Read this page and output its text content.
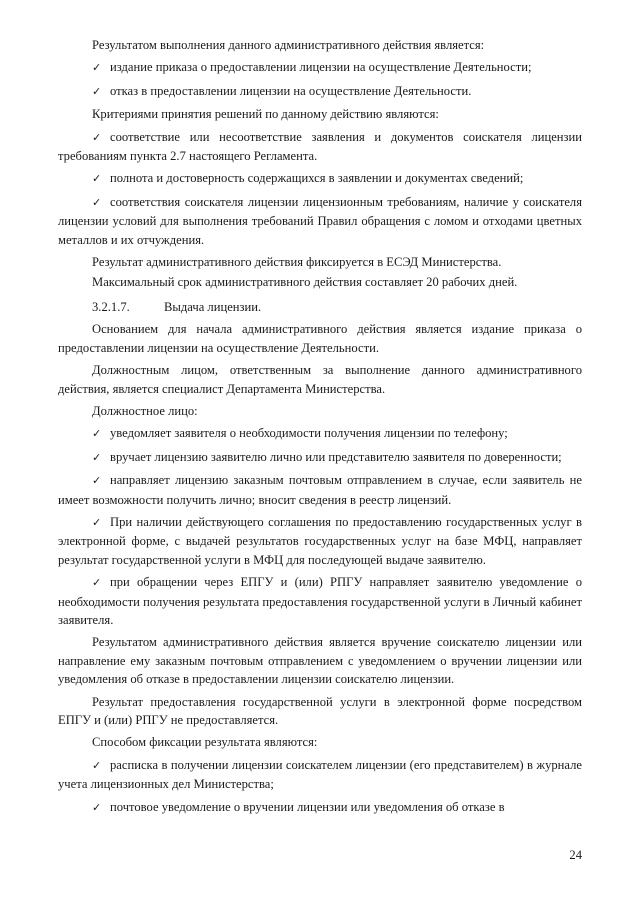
Результатом выполнения данного административного действия является:

✓ издание приказа о предоставлении лицензии на осуществление Деятельности;

✓ отказ в предоставлении лицензии на осуществление Деятельности.

Критериями принятия решений по данному действию являются:

✓ соответствие или несоответствие заявления и документов соискателя лицензии требованиям пункта 2.7 настоящего Регламента.

✓ полнота и достоверность содержащихся в заявлении и документах сведений;

✓ соответствия соискателя лицензии лицензионным требованиям, наличие у соискателя лицензии условий для выполнения требований Правил обращения с ломом и отходами цветных металлов и их отчуждения.

Результат административного действия фиксируется в ЕСЭД Министерства.

Максимальный срок административного действия составляет 20 рабочих дней.

3.2.1.7.	Выдача лицензии.

Основанием для начала административного действия является издание приказа о предоставлении лицензии на осуществление Деятельности.

Должностным лицом, ответственным за выполнение данного административного действия, является специалист Департамента Министерства.

Должностное лицо:

✓ уведомляет заявителя о необходимости получения лицензии по телефону;

✓ вручает лицензию заявителю лично или представителю заявителя по доверенности;

✓ направляет лицензию заказным почтовым отправлением в случае, если заявитель не имеет возможности получить лично; вносит сведения в реестр лицензий.

✓ При наличии действующего соглашения по предоставлению государственных услуг в электронной форме, с выдачей результатов государственных услуг на базе МФЦ, направляет результат государственной услуги в МФЦ для последующей выдаче заявителю.

✓ при обращении через ЕПГУ и (или) РПГУ направляет заявителю уведомление о необходимости получения результата предоставления государственной услуги в Личный кабинет заявителя.

Результатом административного действия является вручение соискателю лицензии или направление ему заказным почтовым отправлением с уведомлением о вручении лицензии или уведомления об отказе в предоставлении лицензии соискателю лицензии.

Результат предоставления государственной услуги в электронной форме посредством ЕПГУ и (или) РПГУ не предоставляется.

Способом фиксации результата являются:

✓ расписка в получении лицензии соискателем лицензии (его представителем) в журнале учета лицензионных дел Министерства;

✓ почтовое уведомление о вручении лицензии или уведомления об отказе в

24
